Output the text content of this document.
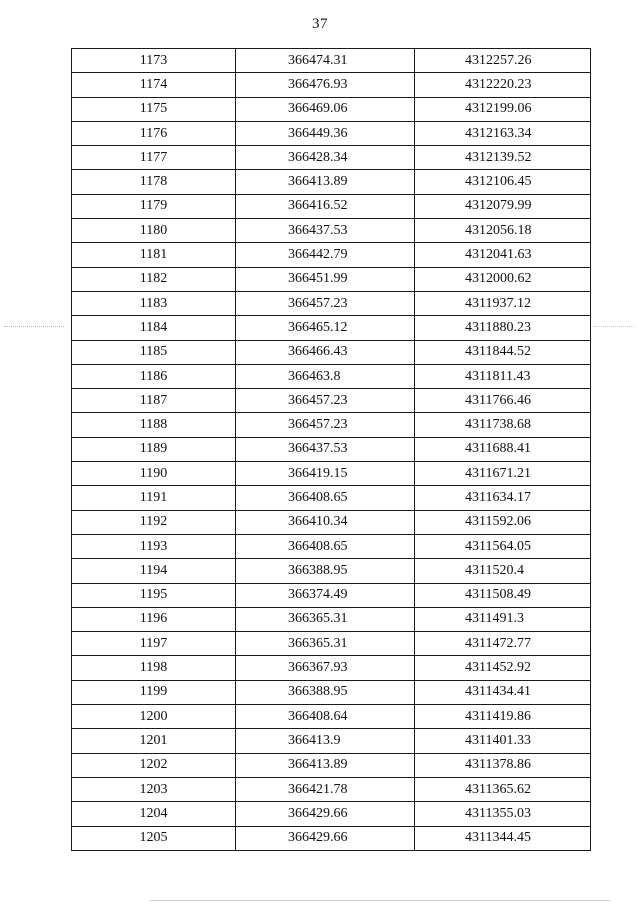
37
1173	366474.31	4312257.26
1174	366476.93	4312220.23
1175	366469.06	4312199.06
1176	366449.36	4312163.34
1177	366428.34	4312139.52
1178	366413.89	4312106.45
1179	366416.52	4312079.99
1180	366437.53	4312056.18
1181	366442.79	4312041.63
1182	366451.99	4312000.62
1183	366457.23	4311937.12
1184	366465.12	4311880.23
1185	366466.43	4311844.52
1186	366463.8	4311811.43
1187	366457.23	4311766.46
1188	366457.23	4311738.68
1189	366437.53	4311688.41
1190	366419.15	4311671.21
1191	366408.65	4311634.17
1192	366410.34	4311592.06
1193	366408.65	4311564.05
1194	366388.95	4311520.4
1195	366374.49	4311508.49
1196	366365.31	4311491.3
1197	366365.31	4311472.77
1198	366367.93	4311452.92
1199	366388.95	4311434.41
1200	366408.64	4311419.86
1201	366413.9	4311401.33
1202	366413.89	4311378.86
1203	366421.78	4311365.62
1204	366429.66	4311355.03
1205	366429.66	4311344.45
